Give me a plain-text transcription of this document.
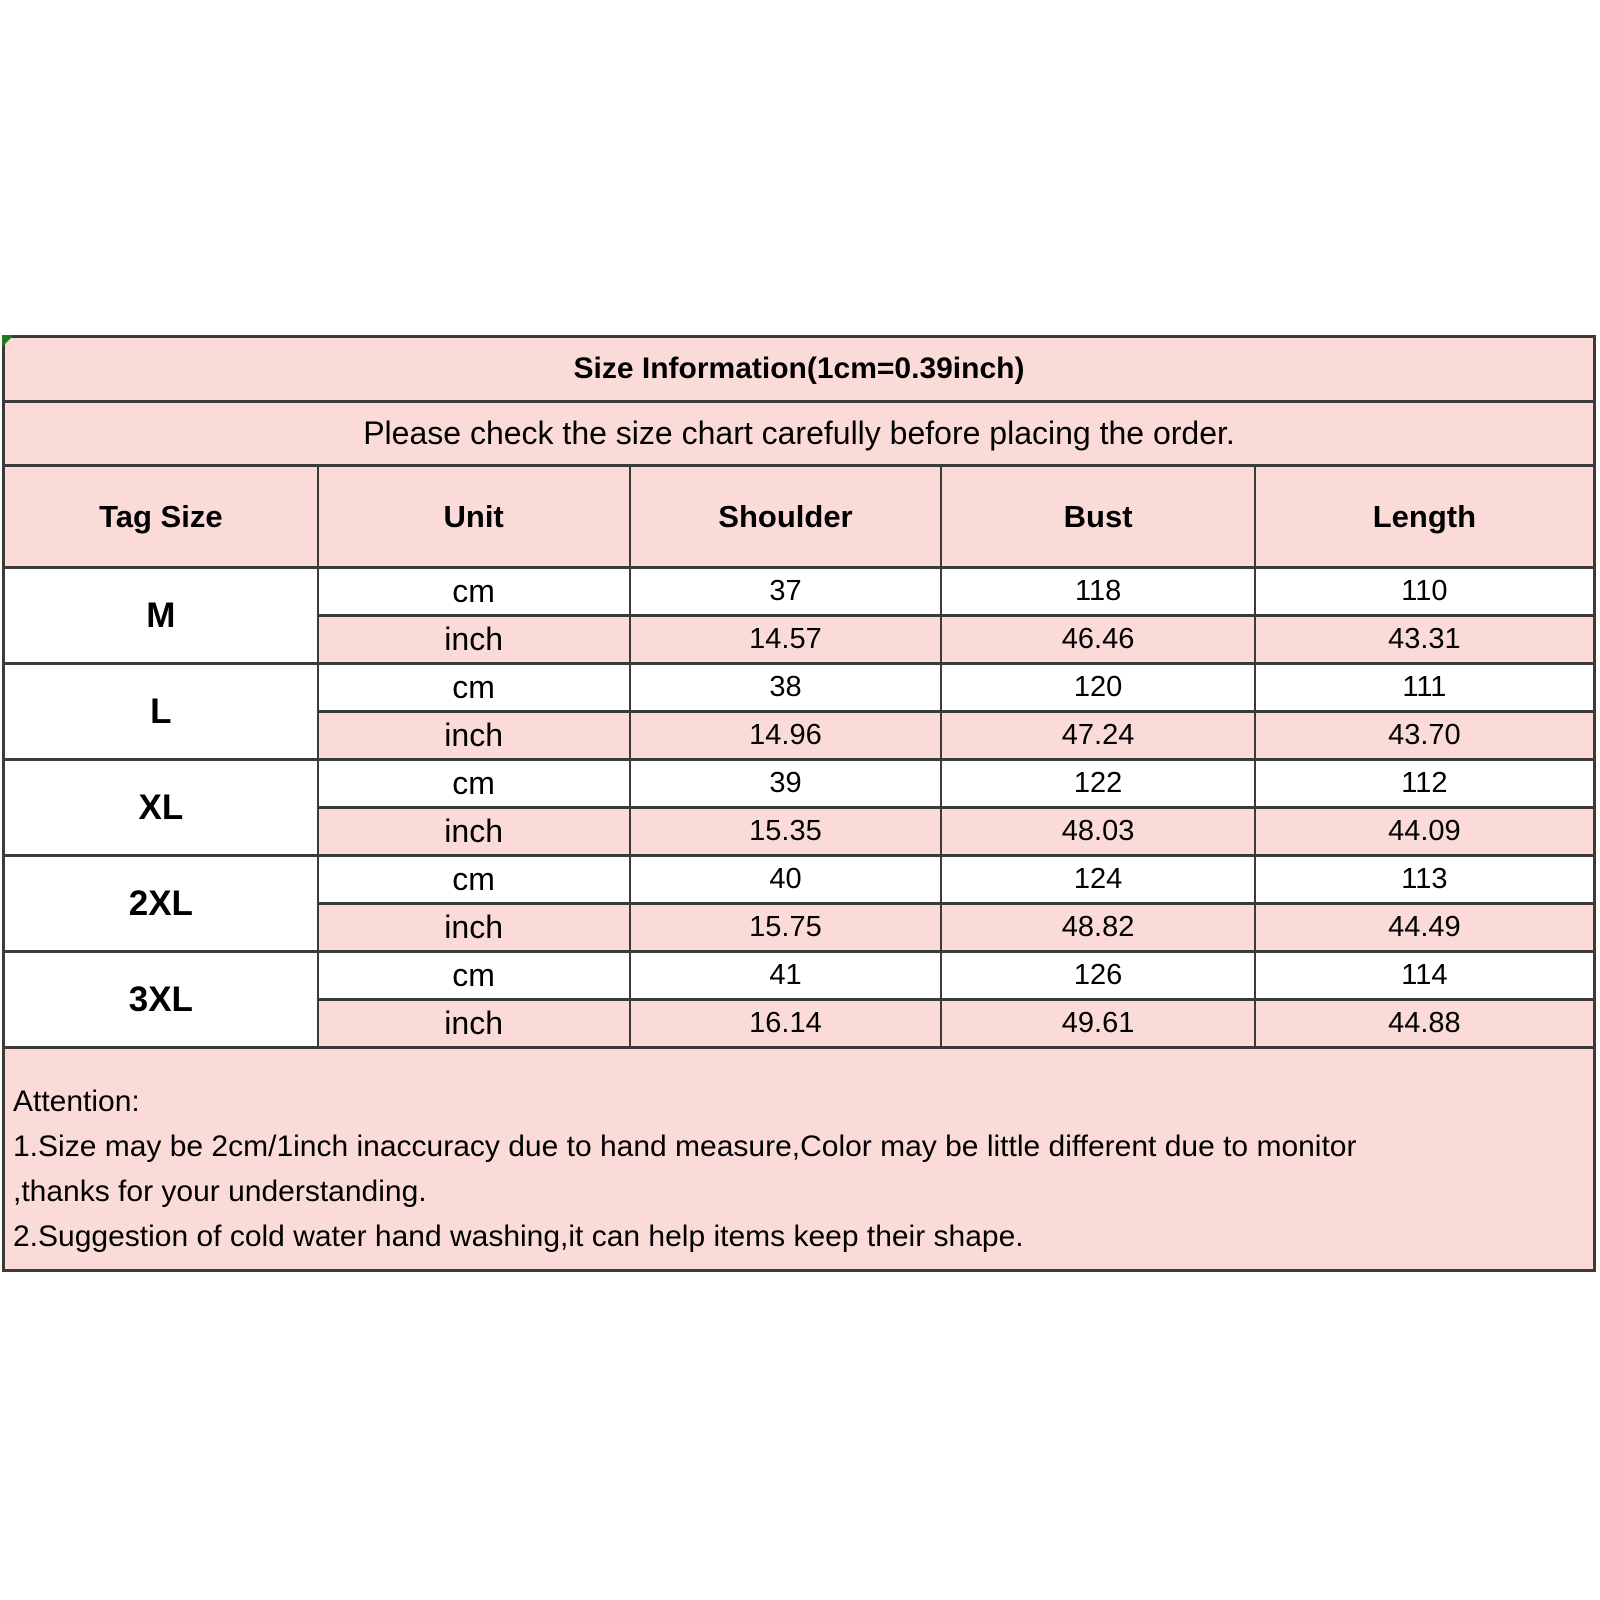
Size Information(1cm=0.39inch)				
Please check the size chart carefully before placing the order.				
Tag Size	Unit	Shoulder	Bust	Length
M	cm	37	118	110
	inch	14.57	46.46	43.31
L	cm	38	120	111
	inch	14.96	47.24	43.70
XL	cm	39	122	112
	inch	15.35	48.03	44.09
2XL	cm	40	124	113
	inch	15.75	48.82	44.49
3XL	cm	41	126	114
	inch	16.14	49.61	44.88

Attention:
1.Size may be 2cm/1inch inaccuracy due to hand measure,Color may be little different due to monitor
,thanks for your understanding.
2.Suggestion of cold water hand washing,it can help items keep their shape.				
